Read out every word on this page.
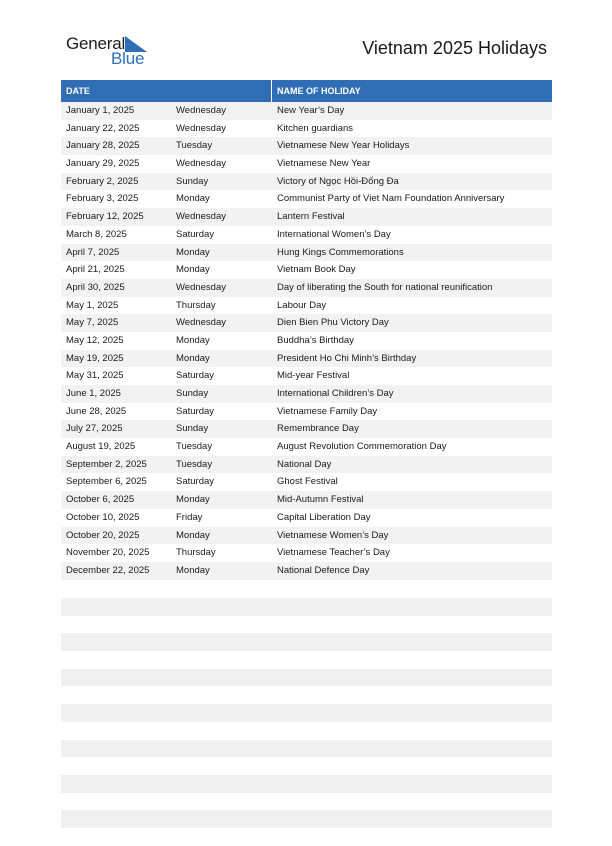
General
Blue
Vietnam 2025 Holidays
DATE	NAME OF HOLIDAY
January 1, 2025	Wednesday	New Year’s Day
January 22, 2025	Wednesday	Kitchen guardians
January 28, 2025	Tuesday	Vietnamese New Year Holidays
January 29, 2025	Wednesday	Vietnamese New Year
February 2, 2025	Sunday	Victory of Ngọc Hồi-Đống Đa
February 3, 2025	Monday	Communist Party of Viet Nam Foundation Anniversary
February 12, 2025	Wednesday	Lantern Festival
March 8, 2025	Saturday	International Women’s Day
April 7, 2025	Monday	Hung Kings Commemorations
April 21, 2025	Monday	Vietnam Book Day
April 30, 2025	Wednesday	Day of liberating the South for national reunification
May 1, 2025	Thursday	Labour Day
May 7, 2025	Wednesday	Dien Bien Phu Victory Day
May 12, 2025	Monday	Buddha’s Birthday
May 19, 2025	Monday	President Ho Chi Minh’s Birthday
May 31, 2025	Saturday	Mid-year Festival
June 1, 2025	Sunday	International Children’s Day
June 28, 2025	Saturday	Vietnamese Family Day
July 27, 2025	Sunday	Remembrance Day
August 19, 2025	Tuesday	August Revolution Commemoration Day
September 2, 2025	Tuesday	National Day
September 6, 2025	Saturday	Ghost Festival
October 6, 2025	Monday	Mid-Autumn Festival
October 10, 2025	Friday	Capital Liberation Day
October 20, 2025	Monday	Vietnamese Women’s Day
November 20, 2025	Thursday	Vietnamese Teacher’s Day
December 22, 2025	Monday	National Defence Day
